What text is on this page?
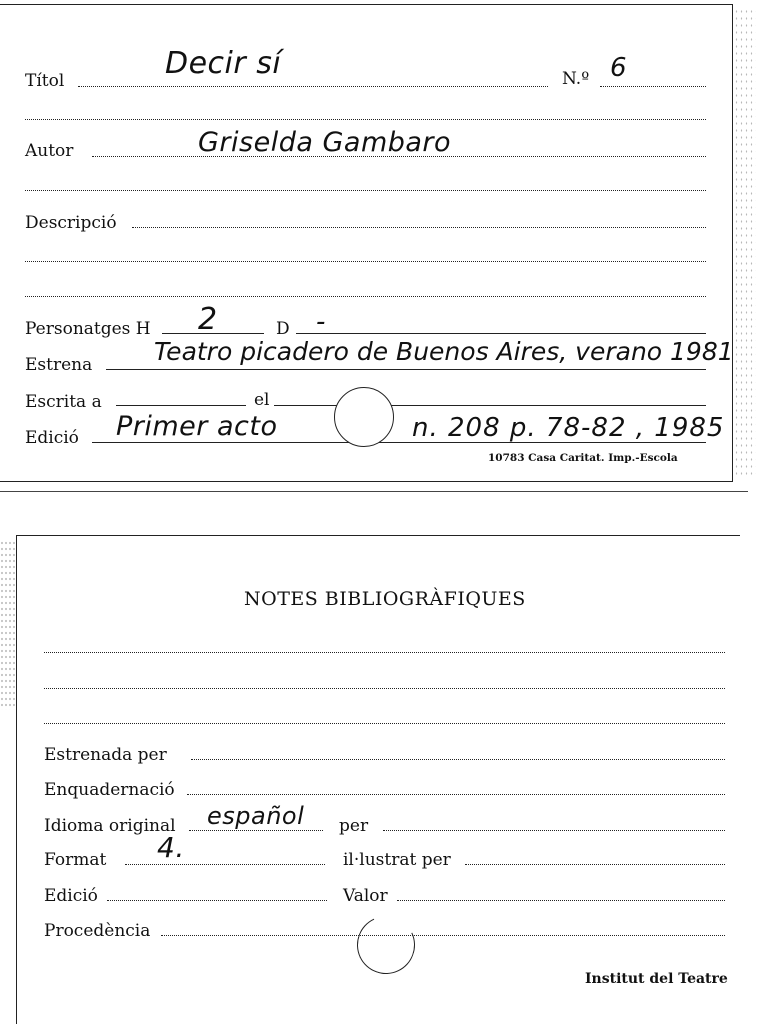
Títol	Decir sí	N.º 6
Autor	Griselda Gambaro
Descripció
Personatges H 2	D -
Estrena Teatro picadero de Buenos Aires, verano 1981
Escrita a	el
Edició Primer acto	n. 208 p. 78-82 , 1985
10783 Casa Caritat. Imp.-Escola
NOTES BIBLIOGRÀFIQUES
Estrenada per
Enquadernació
Idioma original español per
Format 4.	il·lustrat per
Edició	Valor
Procedència
Institut del Teatre
